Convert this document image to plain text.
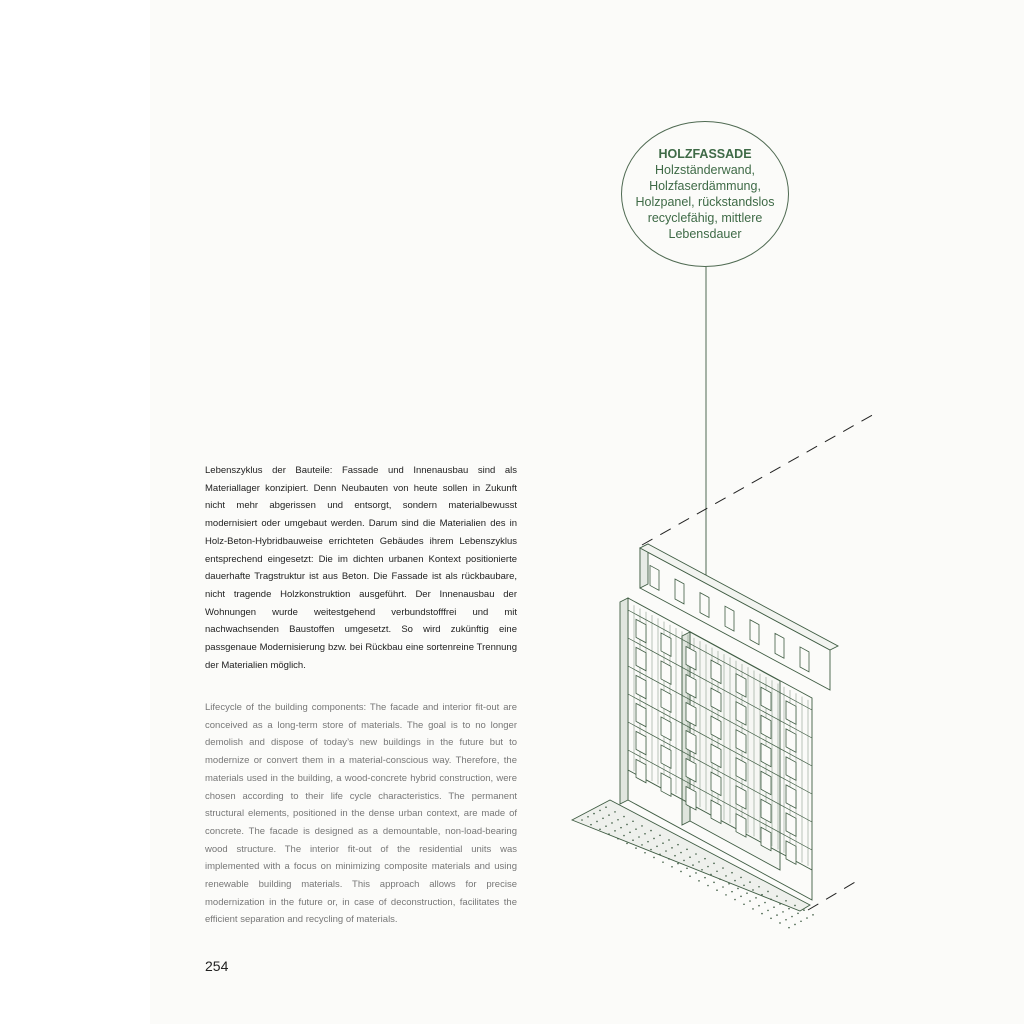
Lebenszyklus der Bauteile: Fassade und Innenausbau sind als Materiallager konzipiert. Denn Neubauten von heute sollen in Zukunft nicht mehr abgerissen und entsorgt, sondern materialbewusst modernisiert oder umgebaut werden. Darum sind die Materialien des in Holz-Beton-Hybridbauweise errichteten Gebäudes ihrem Lebenszyklus entsprechend eingesetzt: Die im dichten urbanen Kontext positionierte dauerhafte Tragstruktur ist aus Beton. Die Fassade ist als rückbaubare, nicht tragende Holzkonstruktion ausgeführt. Der Innenausbau der Wohnungen wurde weitestgehend verbundstofffrei und mit nachwachsenden Baustoffen umgesetzt. So wird zukünftig eine passgenaue Modernisierung bzw. bei Rückbau eine sortenreine Trennung der Materialien möglich.

Lifecycle of the building components: The facade and interior fit-out are conceived as a long-term store of materials. The goal is to no longer demolish and dispose of today’s new buildings in the future but to modernize or convert them in a material-conscious way. Therefore, the materials used in the building, a wood-concrete hybrid construction, were chosen according to their life cycle characteristics. The permanent structural elements, positioned in the dense urban context, are made of concrete. The facade is designed as a demountable, non-load-bearing wood structure. The interior fit-out of the residential units was implemented with a focus on minimizing composite materials and using renewable building materials. This approach allows for precise modernization in the future or, in case of deconstruction, facilitates the efficient separation and recycling of materials.

254
HOLZFASSADE
Holzständerwand,
Holzfaserdämmung,
Holzpanel, rückstandslos
recyclefähig, mittlere
Lebensdauer
